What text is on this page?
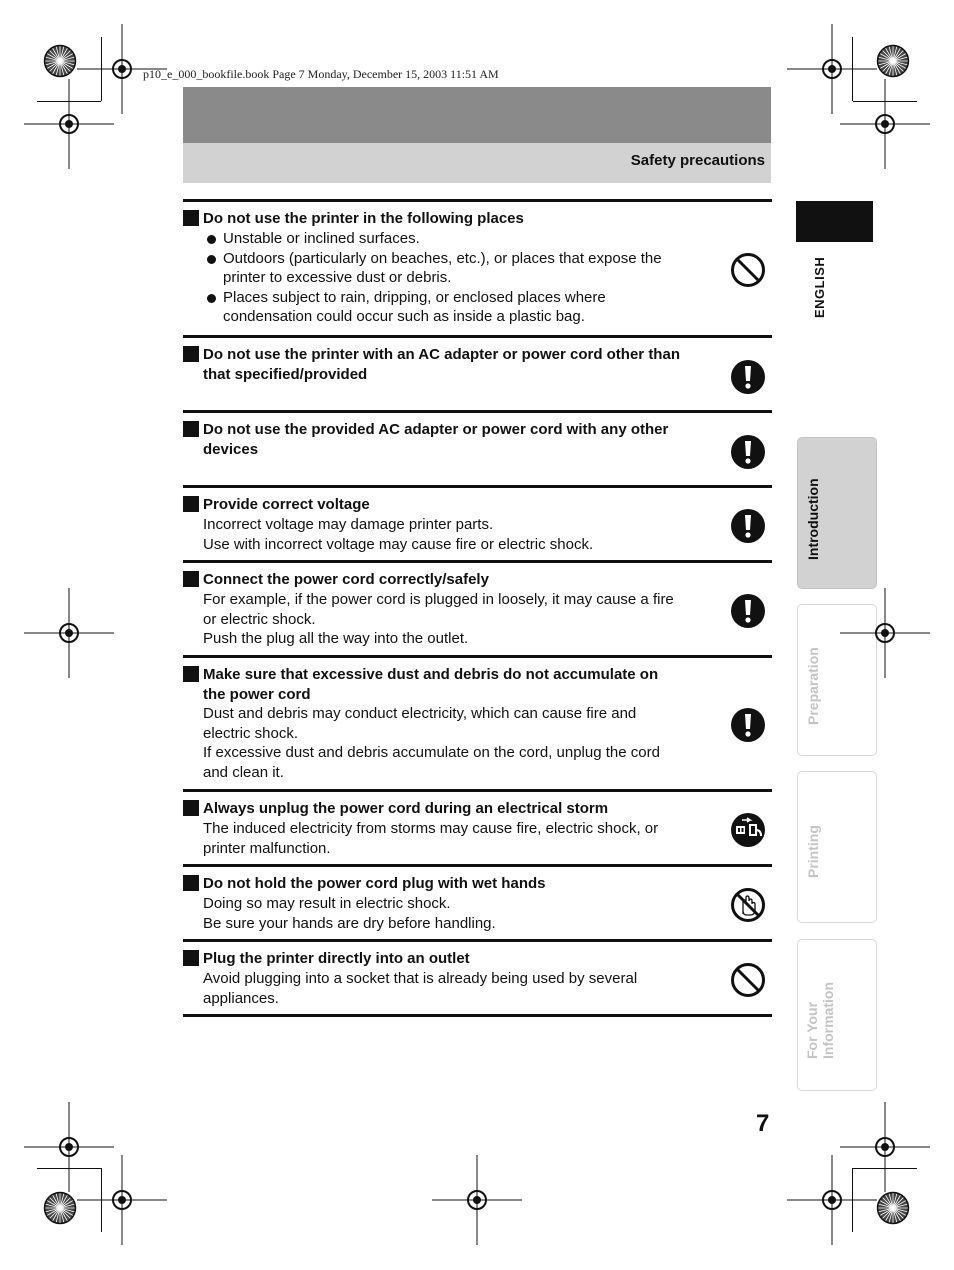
p10_e_000_bookfile.book Page 7 Monday, December 15, 2003 11:51 AM
Safety precautions
Do not use the printer in the following places
Unstable or inclined surfaces.
Outdoors (particularly on beaches, etc.), or places that expose the printer to excessive dust or debris.
Places subject to rain, dripping, or enclosed places where condensation could occur such as inside a plastic bag.
Do not use the printer with an AC adapter or power cord other than that specified/provided
Do not use the provided AC adapter or power cord with any other devices
Provide correct voltage
Incorrect voltage may damage printer parts.
Use with incorrect voltage may cause fire or electric shock.
Connect the power cord correctly/safely
For example, if the power cord is plugged in loosely, it may cause a fire or electric shock.
Push the plug all the way into the outlet.
Make sure that excessive dust and debris do not accumulate on the power cord
Dust and debris may conduct electricity, which can cause fire and electric shock.
If excessive dust and debris accumulate on the cord, unplug the cord and clean it.
Always unplug the power cord during an electrical storm
The induced electricity from storms may cause fire, electric shock, or printer malfunction.
Do not hold the power cord plug with wet hands
Doing so may result in electric shock.
Be sure your hands are dry before handling.
Plug the printer directly into an outlet
Avoid plugging into a socket that is already being used by several appliances.
ENGLISH
Introduction
Preparation
Printing
For Your Information
7
